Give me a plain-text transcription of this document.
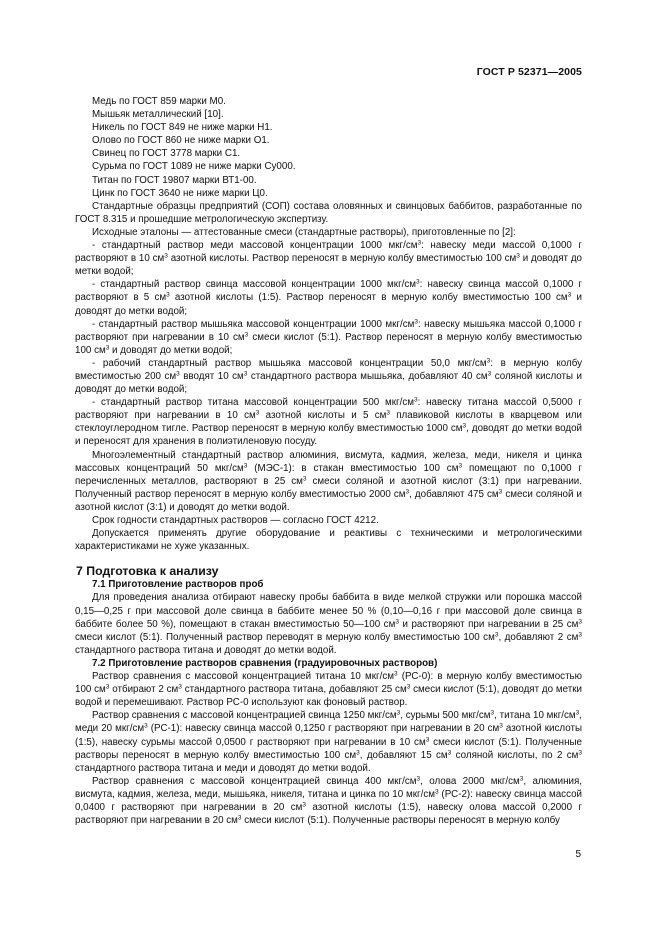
ГОСТ Р 52371—2005

Медь по ГОСТ 859 марки М0.

Мышьяк металлический [10].

Никель по ГОСТ 849 не ниже марки Н1.

Олово по ГОСТ 860 не ниже марки О1.

Свинец по ГОСТ 3778 марки С1.

Сурьма по ГОСТ 1089 не ниже марки Су000.

Титан по ГОСТ 19807 марки ВТ1-00.

Цинк по ГОСТ 3640 не ниже марки Ц0.

Стандартные образцы предприятий (СОП) состава оловянных и свинцовых баббитов, разработанные по ГОСТ 8.315 и прошедшие метрологическую экспертизу.

Исходные эталоны — аттестованные смеси (стандартные растворы), приготовленные по [2]:

- стандартный раствор меди массовой концентрации 1000 мкг/$см^3$: навеску меди массой 0,1000 г растворяют в 10 $см^3$ азотной кислоты. Раствор переносят в мерную колбу вместимостью 100 $см^3$ и доводят до метки водой;

- стандартный раствор свинца массовой концентрации 1000 мкг/$см^3$: навеску свинца массой 0,1000 г растворяют в 5 $см^3$ азотной кислоты (1:5). Раствор переносят в мерную колбу вместимостью 100 $см^3$ и доводят до метки водой;

- стандартный раствор мышьяка массовой концентрации 1000 мкг/$см^3$: навеску мышьяка массой 0,1000 г растворяют при нагревании в 10 $см^3$ смеси кислот (5:1). Раствор переносят в мерную колбу вместимостью 100 $см^3$ и доводят до метки водой;

- рабочий стандартный раствор мышьяка массовой концентрации 50,0 мкг/$см^3$: в мерную колбу вместимостью 200 $см^3$ вводят 10 $см^3$ стандартного раствора мышьяка, добавляют 40 $см^3$ соляной кислоты и доводят до метки водой;

- стандартный раствор титана массовой концентрации 500 мкг/$см^3$: навеску титана массой 0,5000 г растворяют при нагревании в 10 $см^3$ азотной кислоты и 5 $см^3$ плавиковой кислоты в кварцевом или стеклоуглеродном тигле. Раствор переносят в мерную колбу вместимостью 1000 $см^3$, доводят до метки водой и переносят для хранения в полиэтиленовую посуду.

Многоэлементный стандартный раствор алюминия, висмута, кадмия, железа, меди, никеля и цинка массовых концентраций 50 мкг/$см^3$ (МЭС-1): в стакан вместимостью 100 $см^3$ помещают по 0,1000 г перечисленных металлов, растворяют в 25 $см^3$ смеси соляной и азотной кислот (3:1) при нагревании. Полученный раствор переносят в мерную колбу вместимостью 2000 $см^3$, добавляют 475 $см^3$ смеси соляной и азотной кислот (3:1) и доводят до метки водой.

Срок годности стандартных растворов — согласно ГОСТ 4212.

Допускается применять другие оборудование и реактивы с техническими и метрологическими характеристиками не хуже указанных.

7 Подготовка к анализу

7.1 Приготовление растворов проб

Для проведения анализа отбирают навеску пробы баббита в виде мелкой стружки или порошка массой 0,15—0,25 г при массовой доле свинца в баббите менее 50 % (0,10—0,16 г при массовой доле свинца в баббите более 50 %), помещают в стакан вместимостью 50—100 $см^3$ и растворяют при нагревании в 25 $см^3$ смеси кислот (5:1). Полученный раствор переводят в мерную колбу вместимостью 100 $см^3$, добавляют 2 $см^3$ стандартного раствора титана и доводят до метки водой.

7.2 Приготовление растворов сравнения (градуировочных растворов)

Раствор сравнения с массовой концентрацией титана 10 мкг/$см^3$ (РС-0): в мерную колбу вместимостью 100 $см^3$ отбирают 2 $см^3$ стандартного раствора титана, добавляют 25 $см^3$ смеси кислот (5:1), доводят до метки водой и перемешивают. Раствор РС-0 используют как фоновый раствор.

Раствор сравнения с массовой концентрацией свинца 1250 мкг/$см^3$, сурьмы 500 мкг/$см^3$, титана 10 мкг/$см^3$, меди 20 мкг/$см^3$ (РС-1): навеску свинца массой 0,1250 г растворяют при нагревании в 20 $см^3$ азотной кислоты (1:5), навеску сурьмы массой 0,0500 г растворяют при нагревании в 10 $см^3$ смеси кислот (5:1). Полученные растворы переносят в мерную колбу вместимостью 100 $см^3$, добавляют 15 $см^3$ соляной кислоты, по 2 $см^3$ стандартного раствора титана и меди и доводят до метки водой.

Раствор сравнения с массовой концентрацией свинца 400 мкг/$см^3$, олова 2000 мкг/$см^3$, алюминия, висмута, кадмия, железа, меди, мышьяка, никеля, титана и цинка по 10 мкг/$см^3$ (РС-2): навеску свинца массой 0,0400 г растворяют при нагревании в 20 $см^3$ азотной кислоты (1:5), навеску олова массой 0,2000 г растворяют при нагревании в 20 $см^3$ смеси кислот (5:1). Полученные растворы переносят в мерную колбу

5
